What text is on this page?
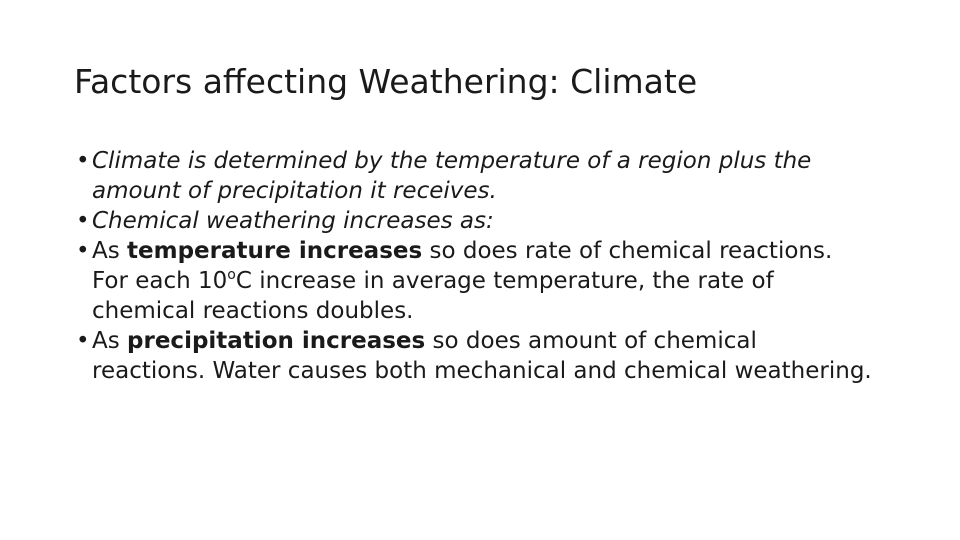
Factors affecting Weathering: Climate
• Climate is determined by the temperature of a region plus the amount of precipitation it receives.
• Chemical weathering increases as:
• As temperature increases so does rate of chemical reactions. For each 10$^o$C increase in average temperature, the rate of chemical reactions doubles.
• As precipitation increases so does amount of chemical reactions. Water causes both mechanical and chemical weathering.
